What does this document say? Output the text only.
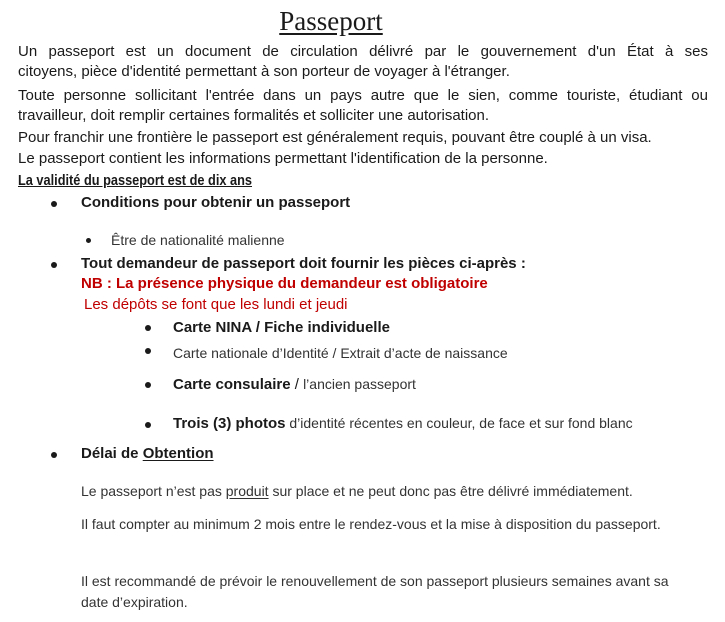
Passeport
Un passeport est un document de circulation délivré par le gouvernement d'un État à ses
citoyens, pièce d'identité permettant à son porteur de voyager à l'étranger.
Toute personne sollicitant l'entrée dans un pays autre que le sien, comme touriste, étudiant ou
travailleur, doit remplir certaines formalités et solliciter une autorisation.
Pour franchir une frontière le passeport est généralement requis, pouvant être couplé à un visa.
Le passeport contient les informations permettant l'identification de la personne.
La validité du passeport est de dix ans
Conditions pour obtenir un passeport
Être de nationalité malienne
Tout demandeur de passeport doit fournir les pièces ci-après :
NB : La présence physique du demandeur est obligatoire
Les dépôts se font que les lundi et jeudi
Carte NINA / Fiche individuelle
Carte nationale d’Identité / Extrait d’acte de naissance
Carte consulaire / l’ancien passeport
Trois (3) photos d’identité récentes en couleur, de face et sur fond blanc
Délai de Obtention
Le passeport n’est pas produit sur place et ne peut donc pas être délivré immédiatement.
Il faut compter au minimum 2 mois entre le rendez-vous et la mise à disposition du passeport.
Il est recommandé de prévoir le renouvellement de son passeport plusieurs semaines avant sa date d’expiration.
